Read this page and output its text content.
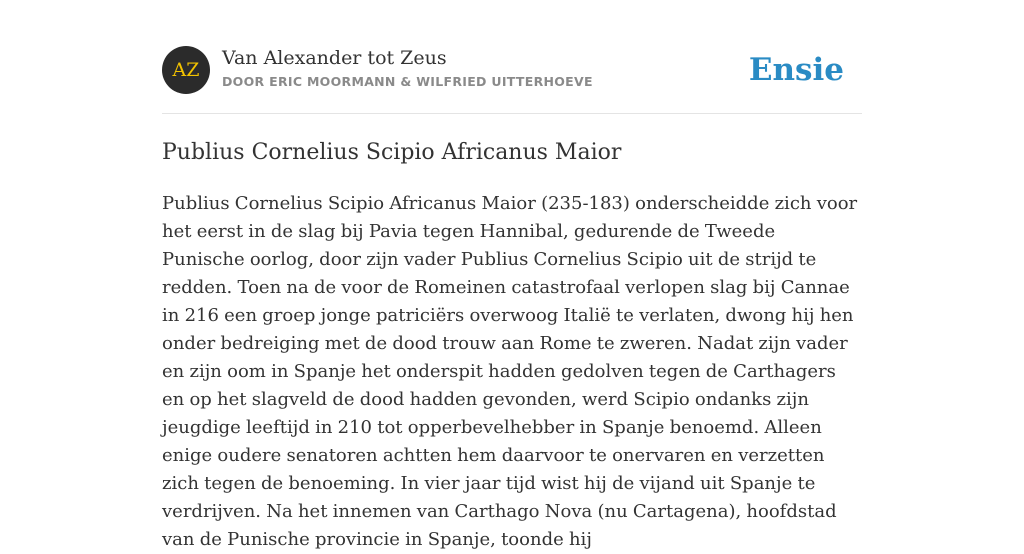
AZ
Van Alexander tot Zeus
DOOR ERIC MOORMANN & WILFRIED UITTERHOEVE	Ensie
Publius Cornelius Scipio Africanus Maior

Publius Cornelius Scipio Africanus Maior (235-183) onderscheidde zich voor het eerst in de slag bij Pavia tegen Hannibal, gedurende de Tweede Punische oorlog, door zijn vader Publius Cornelius Scipio uit de strijd te redden. Toen na de voor de Romeinen catastrofaal verlopen slag bij Cannae in 216 een groep jonge patriciërs overwoog Italië te verlaten, dwong hij hen onder bedreiging met de dood trouw aan Rome te zweren. Nadat zijn vader en zijn oom in Spanje het onderspit hadden gedolven tegen de Carthagers en op het slagveld de dood hadden gevonden, werd Scipio ondanks zijn jeugdige leeftijd in 210 tot opperbevelhebber in Spanje benoemd. Alleen enige oudere senatoren achtten hem daarvoor te onervaren en verzetten zich tegen de benoeming. In vier jaar tijd wist hij de vijand uit Spanje te verdrijven. Na het innemen van Carthago Nova (nu Cartagena), hoofdstad van de Punische provincie in Spanje, toonde hij
